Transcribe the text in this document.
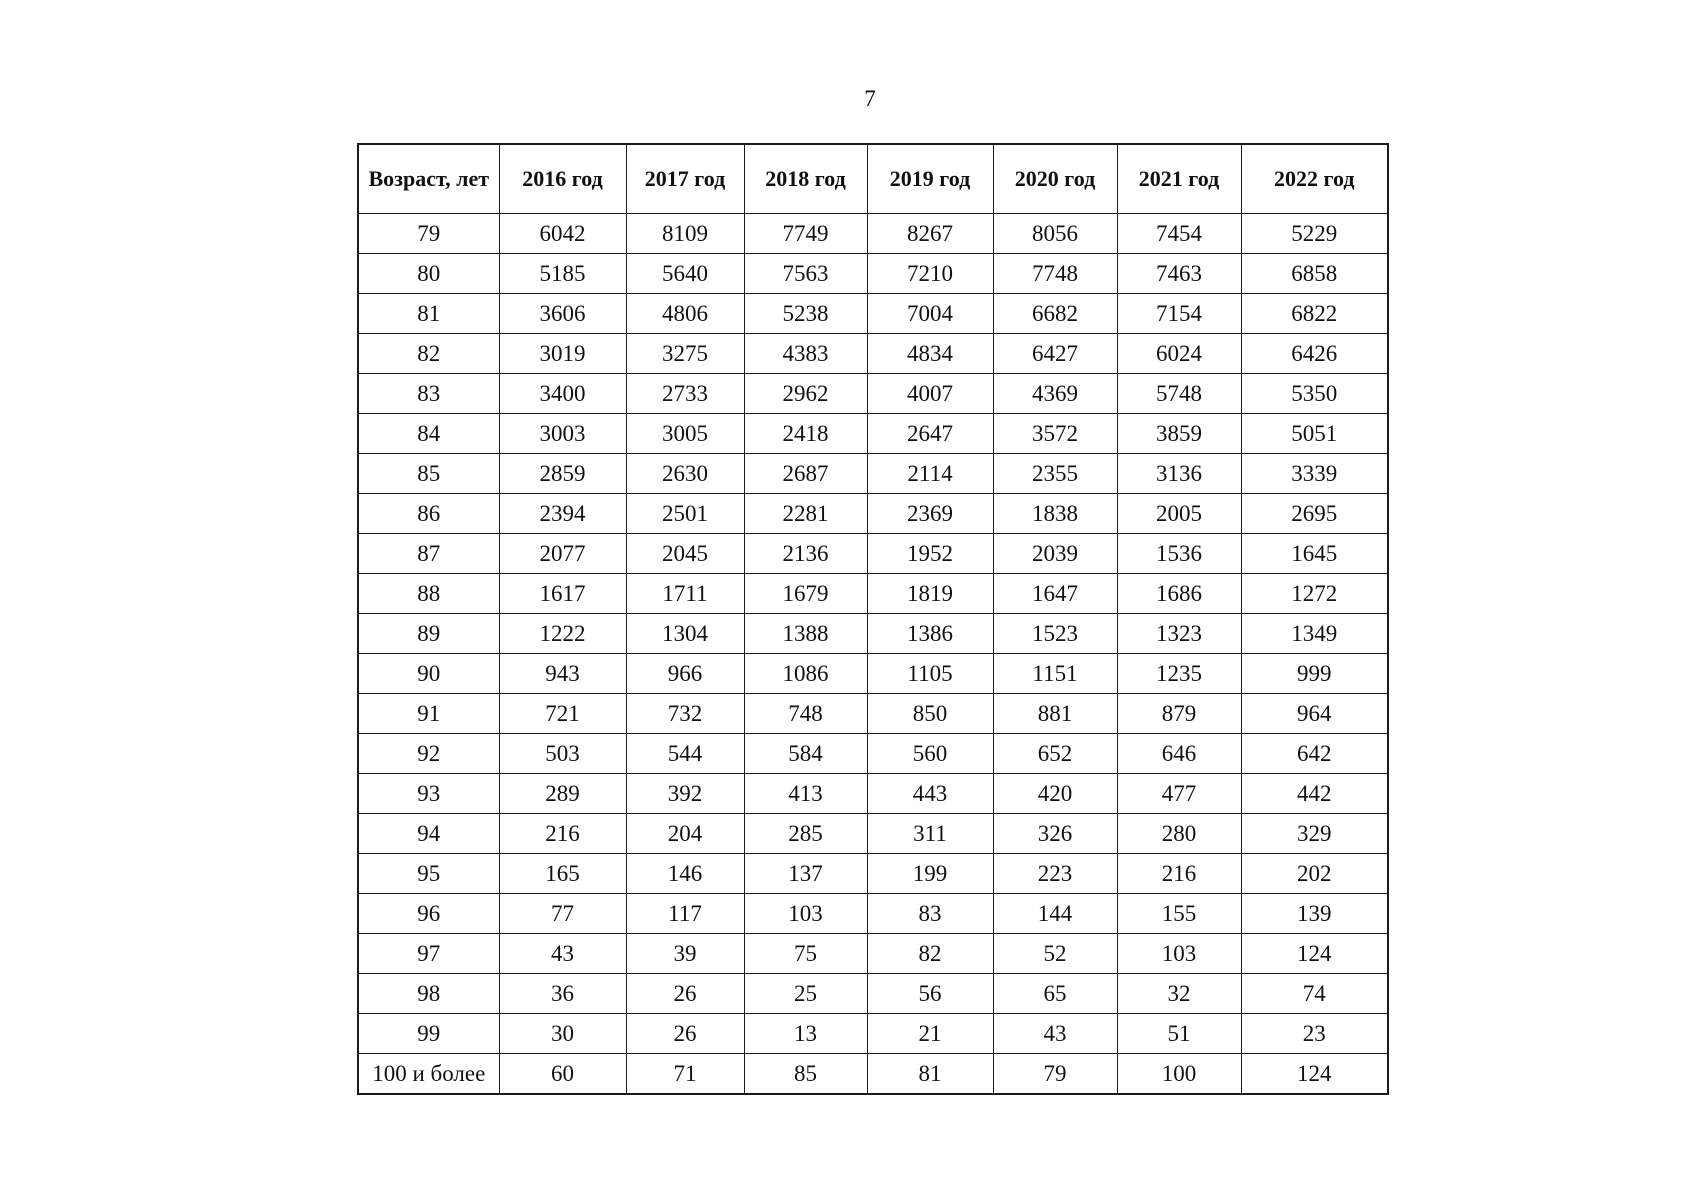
7
Возраст, лет	2016 год	2017 год	2018 год	2019 год	2020 год	2021 год	2022 год
79	6042	8109	7749	8267	8056	7454	5229
80	5185	5640	7563	7210	7748	7463	6858
81	3606	4806	5238	7004	6682	7154	6822
82	3019	3275	4383	4834	6427	6024	6426
83	3400	2733	2962	4007	4369	5748	5350
84	3003	3005	2418	2647	3572	3859	5051
85	2859	2630	2687	2114	2355	3136	3339
86	2394	2501	2281	2369	1838	2005	2695
87	2077	2045	2136	1952	2039	1536	1645
88	1617	1711	1679	1819	1647	1686	1272
89	1222	1304	1388	1386	1523	1323	1349
90	943	966	1086	1105	1151	1235	999
91	721	732	748	850	881	879	964
92	503	544	584	560	652	646	642
93	289	392	413	443	420	477	442
94	216	204	285	311	326	280	329
95	165	146	137	199	223	216	202
96	77	117	103	83	144	155	139
97	43	39	75	82	52	103	124
98	36	26	25	56	65	32	74
99	30	26	13	21	43	51	23
100 и более	60	71	85	81	79	100	124
